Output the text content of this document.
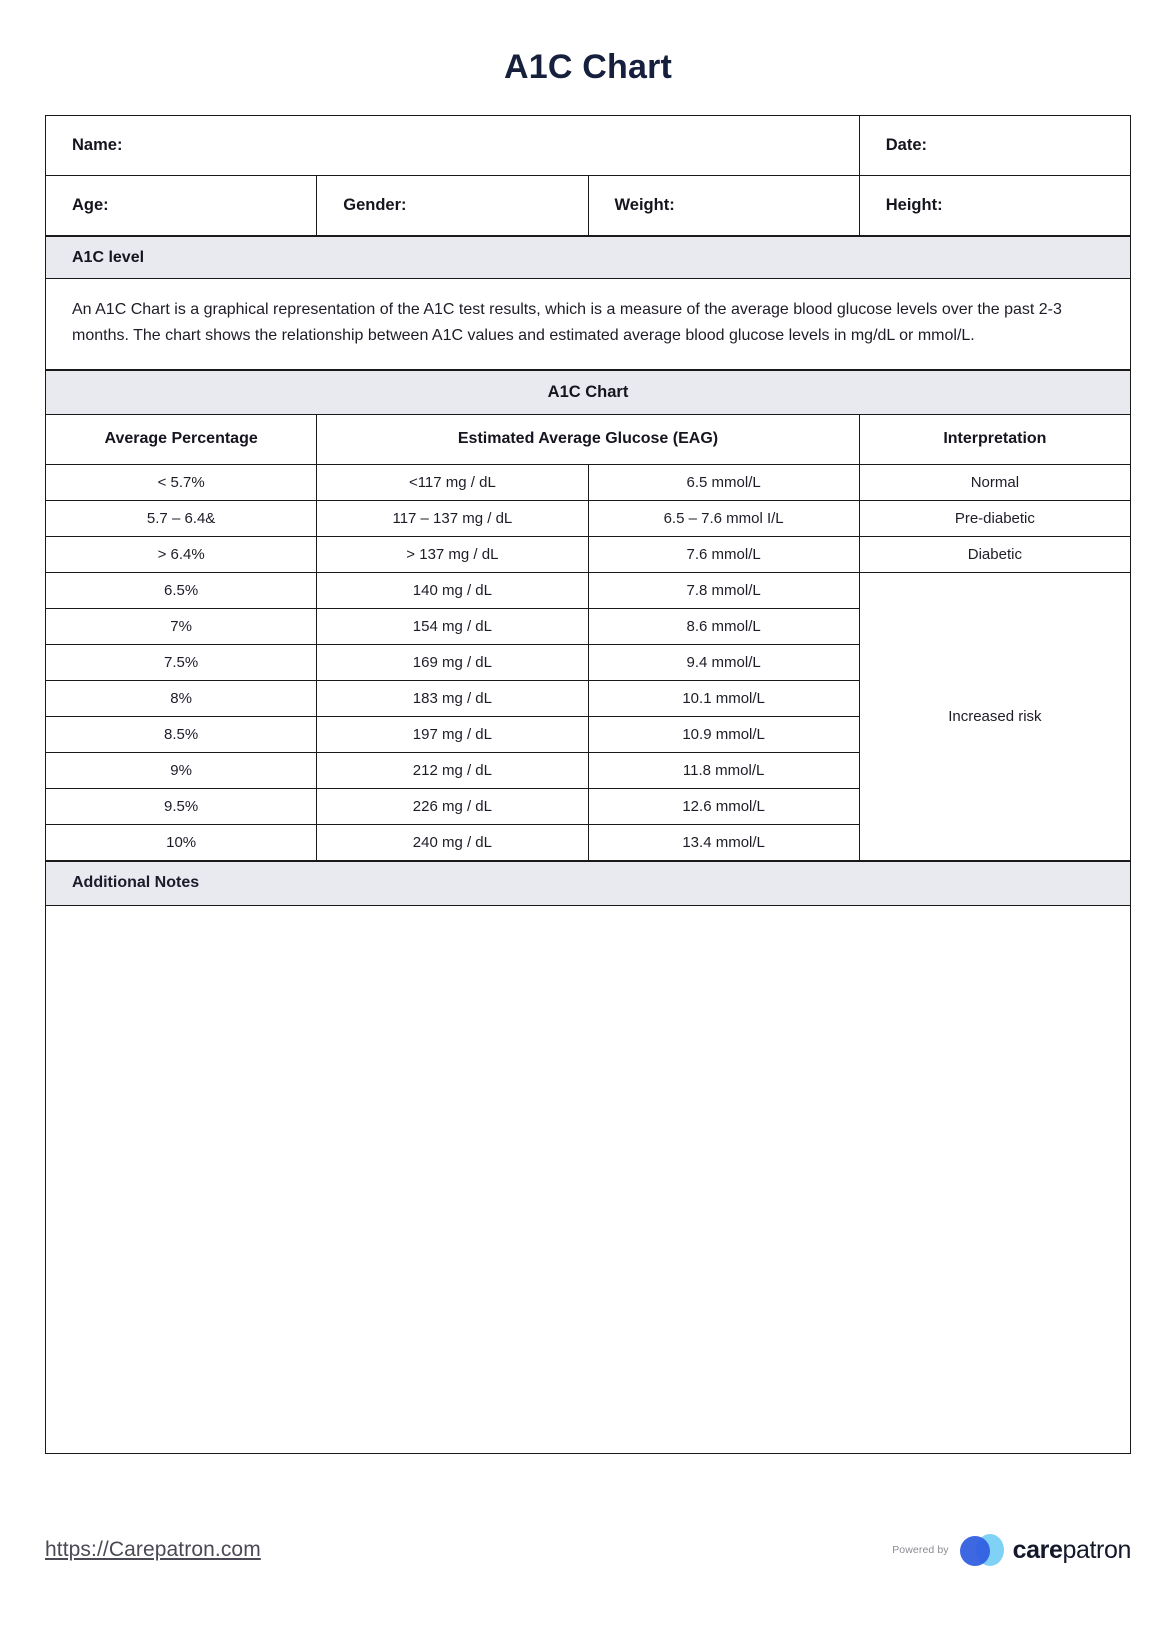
A1C Chart
Name:			Date:
Age:	Gender:	Weight:	Height:
A1C level
An A1C Chart is a graphical representation of the A1C test results, which is a measure of the average blood glucose levels over the past 2-3 months. The chart shows the relationship between A1C values and estimated average blood glucose levels in mg/dL or mmol/L.
A1C Chart			
Average Percentage	Estimated Average Glucose (EAG)		Interpretation
< 5.7%	<117 mg / dL	6.5 mmol/L	Normal
5.7 – 6.4&	117 – 137 mg / dL	6.5 – 7.6 mmol I/L	Pre-diabetic
> 6.4%	> 137 mg / dL	7.6 mmol/L	Diabetic
6.5%	140 mg / dL	7.8 mmol/L	Increased risk
7%	154 mg / dL	8.6 mmol/L	
7.5%	169 mg / dL	9.4 mmol/L	
8%	183 mg / dL	10.1 mmol/L	
8.5%	197 mg / dL	10.9 mmol/L	
9%	212 mg / dL	11.8 mmol/L	
9.5%	226 mg / dL	12.6 mmol/L	
10%	240 mg / dL	13.4 mmol/L	
Additional Notes

https://Carepatron.com	Powered by	carepatron
